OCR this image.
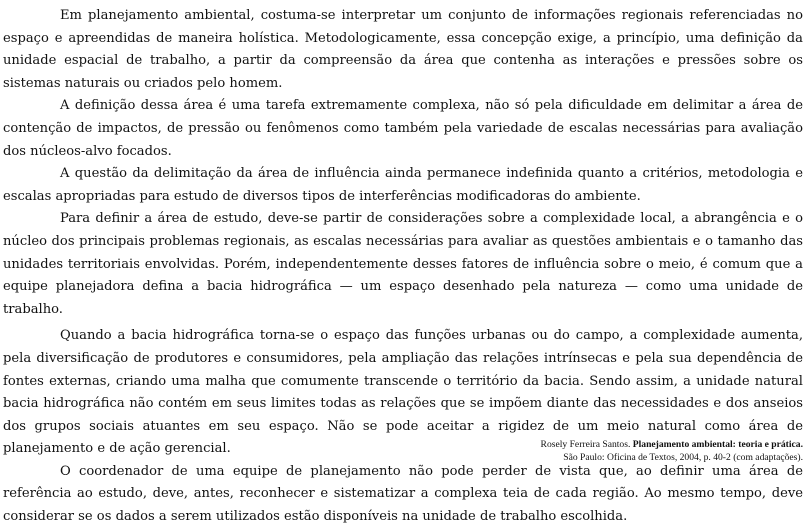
Em planejamento ambiental, costuma-se interpretar um conjunto de informações regionais referenciadas no espaço e apreendidas de maneira holística. Metodologicamente, essa concepção exige, a princípio, uma definição da unidade espacial de trabalho, a partir da compreensão da área que contenha as interações e pressões sobre os sistemas naturais ou criados pelo homem.

A definição dessa área é uma tarefa extremamente complexa, não só pela dificuldade em delimitar a área de contenção de impactos, de pressão ou fenômenos como também pela variedade de escalas necessárias para avaliação dos núcleos-alvo focados.

A questão da delimitação da área de influência ainda permanece indefinida quanto a critérios, metodologia e escalas apropriadas para estudo de diversos tipos de interferências modificadoras do ambiente.

Para definir a área de estudo, deve-se partir de considerações sobre a complexidade local, a abrangência e o núcleo dos principais problemas regionais, as escalas necessárias para avaliar as questões ambientais e o tamanho das unidades territoriais envolvidas. Porém, independentemente desses fatores de influência sobre o meio, é comum que a equipe planejadora defina a bacia hidrográfica — um espaço desenhado pela natureza — como uma unidade de trabalho.

Quando a bacia hidrográfica torna-se o espaço das funções urbanas ou do campo, a complexidade aumenta, pela diversificação de produtores e consumidores, pela ampliação das relações intrínsecas e pela sua dependência de fontes externas, criando uma malha que comumente transcende o território da bacia. Sendo assim, a unidade natural bacia hidrográfica não contém em seus limites todas as relações que se impõem diante das necessidades e dos anseios dos grupos sociais atuantes em seu espaço. Não se pode aceitar a rigidez de um meio natural como área de planejamento e de ação gerencial.

O coordenador de uma equipe de planejamento não pode perder de vista que, ao definir uma área de referência ao estudo, deve, antes, reconhecer e sistematizar a complexa teia de cada região. Ao mesmo tempo, deve considerar se os dados a serem utilizados estão disponíveis na unidade de trabalho escolhida.

Rosely Ferreira Santos. Planejamento ambiental: teoria e prática.
São Paulo: Oficina de Textos, 2004, p. 40-2 (com adaptações).
